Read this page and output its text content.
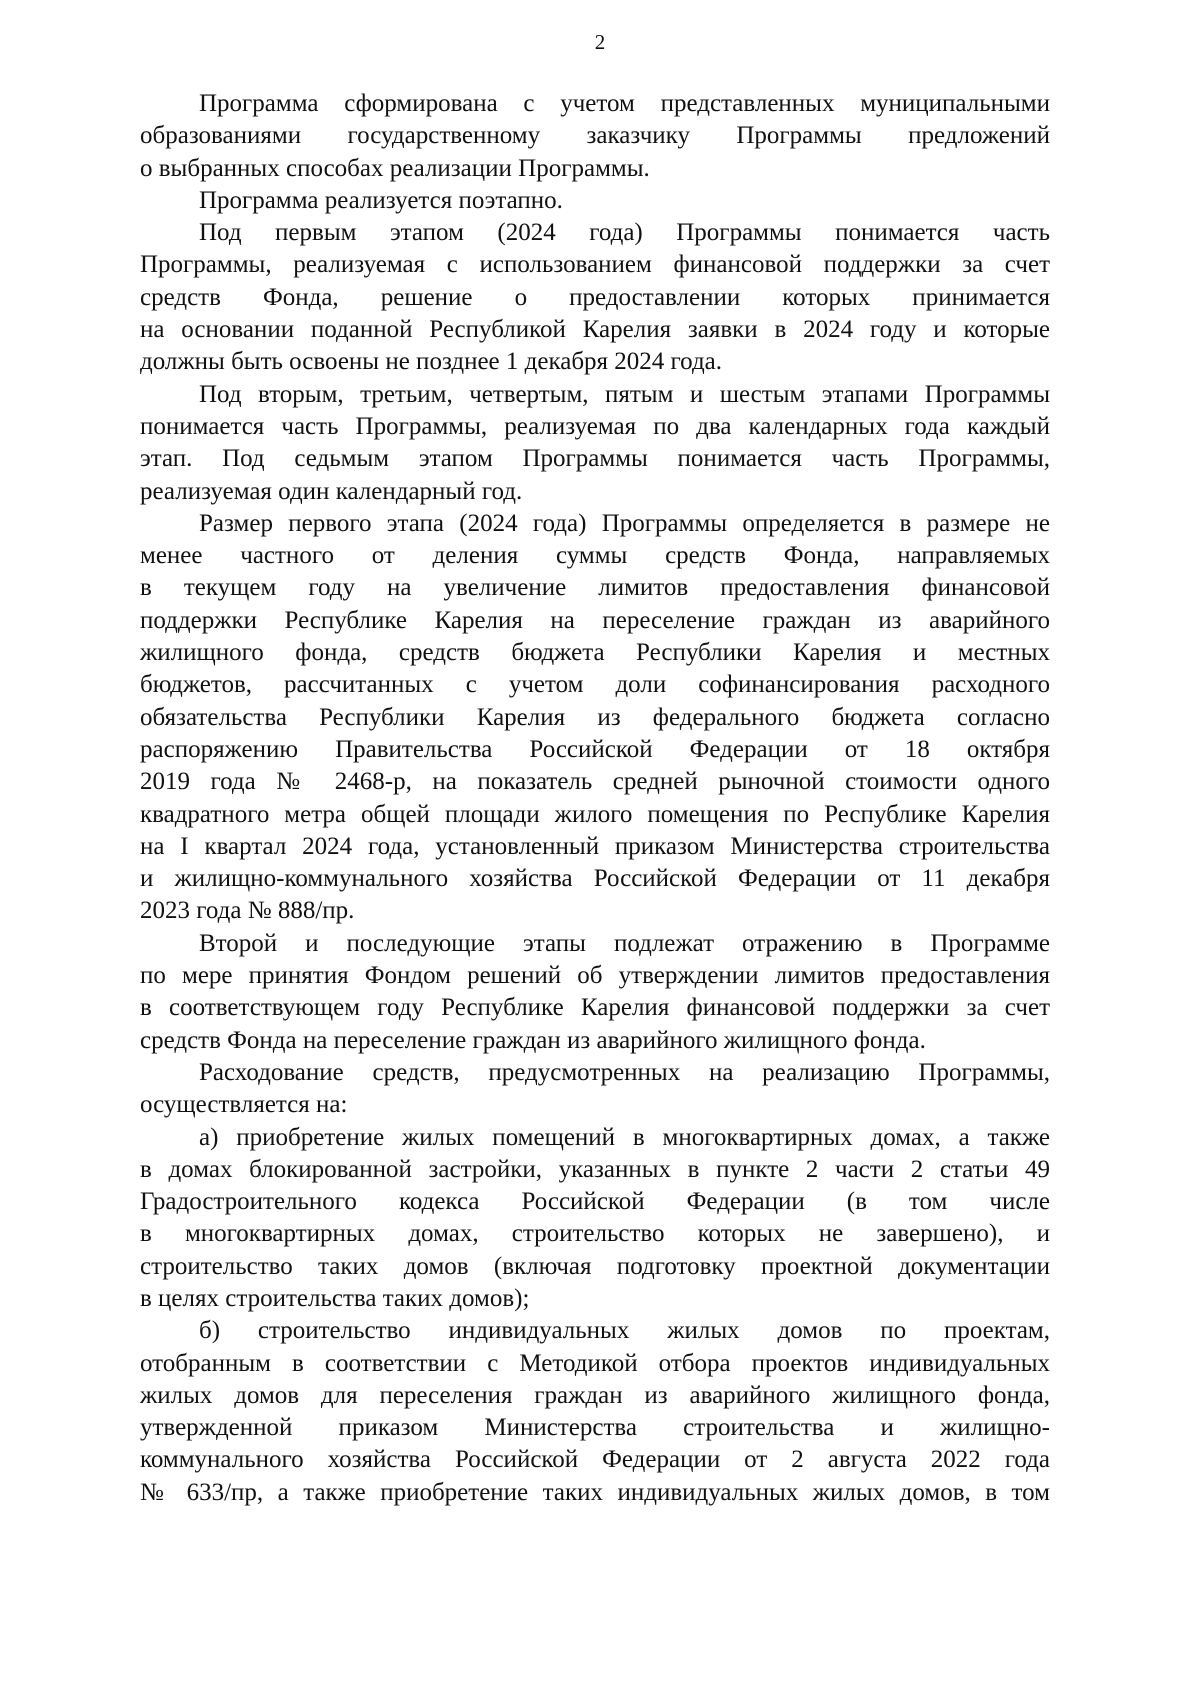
2
Программа сформирована с учетом представленных муниципальными
образованиями государственному заказчику Программы предложений
о выбранных способах реализации Программы.
Программа реализуется поэтапно.
Под первым этапом (2024 года) Программы понимается часть
Программы, реализуемая с использованием финансовой поддержки за счет
средств Фонда, решение о предоставлении которых принимается
на основании поданной Республикой Карелия заявки в 2024 году и которые
должны быть освоены не позднее 1 декабря 2024 года.
Под вторым, третьим, четвертым, пятым и шестым этапами Программы
понимается часть Программы, реализуемая по два календарных года каждый
этап. Под седьмым этапом Программы понимается часть Программы,
реализуемая один календарный год.
Размер первого этапа (2024 года) Программы определяется в размере не
менее частного от деления суммы средств Фонда, направляемых
в текущем году на увеличение лимитов предоставления финансовой
поддержки Республике Карелия на переселение граждан из аварийного
жилищного фонда, средств бюджета Республики Карелия и местных
бюджетов, рассчитанных с учетом доли софинансирования расходного
обязательства Республики Карелия из федерального бюджета согласно
распоряжению Правительства Российской Федерации от 18 октября
2019 года № 2468-р, на показатель средней рыночной стоимости одного
квадратного метра общей площади жилого помещения по Республике Карелия
на I квартал 2024 года, установленный приказом Министерства строительства
и жилищно-коммунального хозяйства Российской Федерации от 11 декабря
2023 года № 888/пр.
Второй и последующие этапы подлежат отражению в Программе
по мере принятия Фондом решений об утверждении лимитов предоставления
в соответствующем году Республике Карелия финансовой поддержки за счет
средств Фонда на переселение граждан из аварийного жилищного фонда.
Расходование средств, предусмотренных на реализацию Программы,
осуществляется на:
а) приобретение жилых помещений в многоквартирных домах, а также
в домах блокированной застройки, указанных в пункте 2 части 2 статьи 49
Градостроительного кодекса Российской Федерации (в том числе
в многоквартирных домах, строительство которых не завершено), и
строительство таких домов (включая подготовку проектной документации
в целях строительства таких домов);
б) строительство индивидуальных жилых домов по проектам,
отобранным в соответствии с Методикой отбора проектов индивидуальных
жилых домов для переселения граждан из аварийного жилищного фонда,
утвержденной приказом Министерства строительства и жилищно-
коммунального хозяйства Российской Федерации от 2 августа 2022 года
№ 633/пр, а также приобретение таких индивидуальных жилых домов, в том
